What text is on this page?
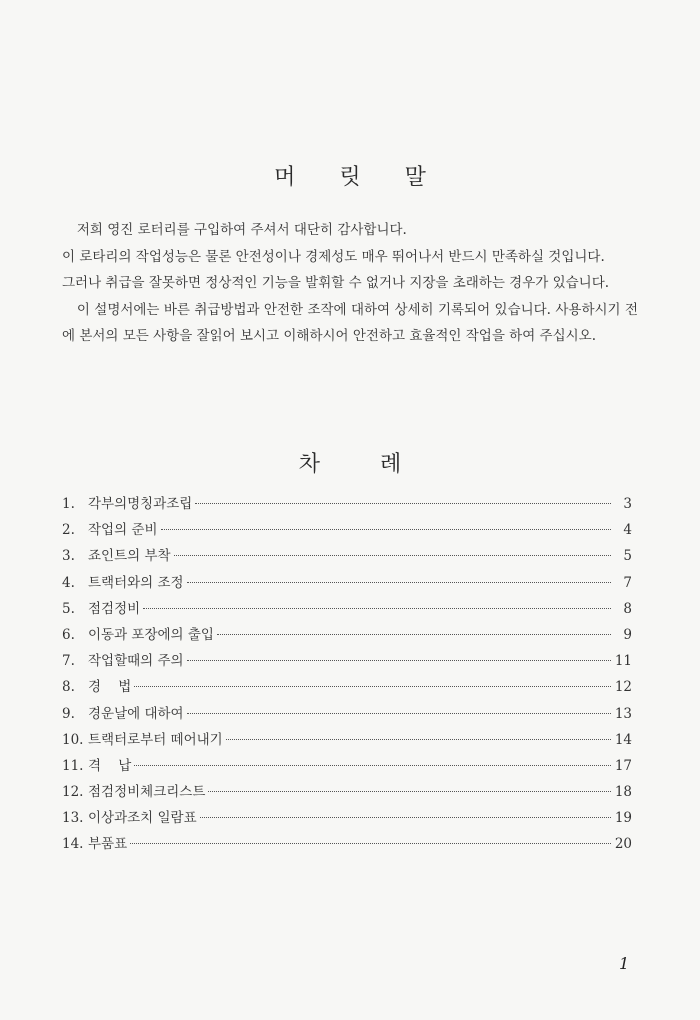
머 릿 말

저희 영진 로터리를 구입하여 주셔서 대단히 감사합니다.

이 로타리의 작업성능은 물론 안전성이나 경제성도 매우 뛰어나서 반드시 만족하실 것입니다.

그러나 취급을 잘못하면 정상적인 기능을 발휘할 수 없거나 지장을 초래하는 경우가 있습니다.

이 설명서에는 바른 취급방법과 안전한 조작에 대하여 상세히 기록되어 있습니다. 사용하시기 전에 본서의 모든 사항을 잘읽어 보시고 이해하시어 안전하고 효율적인 작업을 하여 주십시오.

차	례
1. 각부의명칭과조립	3
2. 작업의 준비	4
3. 죠인트의 부착	5
4. 트랙터와의 조정	7
5. 점검정비	8
6. 이동과 포장에의 출입	9
7. 작업할때의 주의	11
8. 경    법	12
9. 경운날에 대하여	13
10. 트랙터로부터 떼어내기	14
11. 격    납	17
12. 점검정비체크리스트	18
13. 이상과조치 일람표	19
14. 부품표	20
1
